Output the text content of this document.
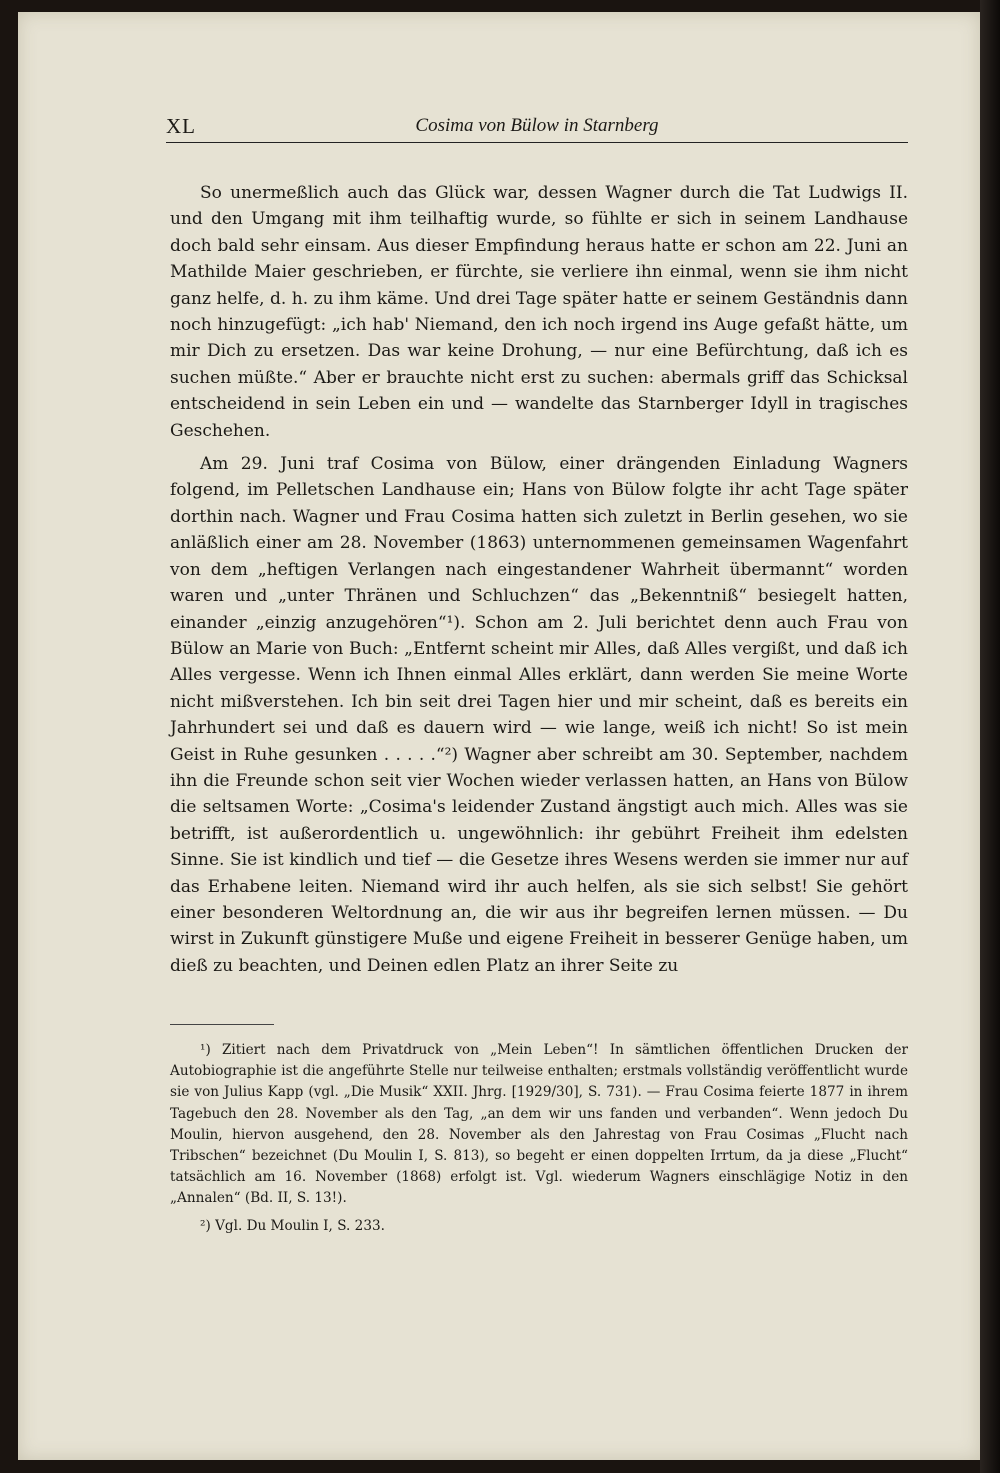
XL	Cosima von Bülow in Starnberg

So unermeßlich auch das Glück war, dessen Wagner durch die Tat Ludwigs II. und den Umgang mit ihm teilhaftig wurde, so fühlte er sich in seinem Landhause doch bald sehr einsam. Aus dieser Empfindung heraus hatte er schon am 22. Juni an Mathilde Maier geschrieben, er fürchte, sie verliere ihn einmal, wenn sie ihm nicht ganz helfe, d. h. zu ihm käme. Und drei Tage später hatte er seinem Geständnis dann noch hinzugefügt: „ich hab' Niemand, den ich noch irgend ins Auge gefaßt hätte, um mir Dich zu ersetzen. Das war keine Drohung, — nur eine Befürchtung, daß ich es suchen müßte.“ Aber er brauchte nicht erst zu suchen: abermals griff das Schicksal entscheidend in sein Leben ein und — wandelte das Starnberger Idyll in tragisches Geschehen.

Am 29. Juni traf Cosima von Bülow, einer drängenden Einladung Wagners folgend, im Pelletschen Landhause ein; Hans von Bülow folgte ihr acht Tage später dorthin nach. Wagner und Frau Cosima hatten sich zuletzt in Berlin gesehen, wo sie anläßlich einer am 28. November (1863) unternommenen gemeinsamen Wagenfahrt von dem „heftigen Verlangen nach eingestandener Wahrheit übermannt“ worden waren und „unter Thränen und Schluchzen“ das „Bekenntniß“ besiegelt hatten, einander „einzig anzugehören“¹). Schon am 2. Juli berichtet denn auch Frau von Bülow an Marie von Buch: „Entfernt scheint mir Alles, daß Alles vergißt, und daß ich Alles vergesse. Wenn ich Ihnen einmal Alles erklärt, dann werden Sie meine Worte nicht mißverstehen. Ich bin seit drei Tagen hier und mir scheint, daß es bereits ein Jahrhundert sei und daß es dauern wird — wie lange, weiß ich nicht! So ist mein Geist in Ruhe gesunken . . . . .“²) Wagner aber schreibt am 30. September, nachdem ihn die Freunde schon seit vier Wochen wieder verlassen hatten, an Hans von Bülow die seltsamen Worte: „Cosima's leidender Zustand ängstigt auch mich. Alles was sie betrifft, ist außerordentlich u. ungewöhnlich: ihr gebührt Freiheit ihm edelsten Sinne. Sie ist kindlich und tief — die Gesetze ihres Wesens werden sie immer nur auf das Erhabene leiten. Niemand wird ihr auch helfen, als sie sich selbst! Sie gehört einer besonderen Weltordnung an, die wir aus ihr begreifen lernen müssen. — Du wirst in Zukunft günstigere Muße und eigene Freiheit in besserer Genüge haben, um dieß zu beachten, und Deinen edlen Platz an ihrer Seite zu

¹) Zitiert nach dem Privatdruck von „Mein Leben“! In sämtlichen öffentlichen Drucken der Autobiographie ist die angeführte Stelle nur teilweise enthalten; erstmals vollständig veröffentlicht wurde sie von Julius Kapp (vgl. „Die Musik“ XXII. Jhrg. [1929/30], S. 731). — Frau Cosima feierte 1877 in ihrem Tagebuch den 28. November als den Tag, „an dem wir uns fanden und verbanden“. Wenn jedoch Du Moulin, hiervon ausgehend, den 28. November als den Jahrestag von Frau Cosimas „Flucht nach Tribschen“ bezeichnet (Du Moulin I, S. 813), so begeht er einen doppelten Irrtum, da ja diese „Flucht“ tatsächlich am 16. November (1868) erfolgt ist. Vgl. wiederum Wagners einschlägige Notiz in den „Annalen“ (Bd. II, S. 13!).

²) Vgl. Du Moulin I, S. 233.
